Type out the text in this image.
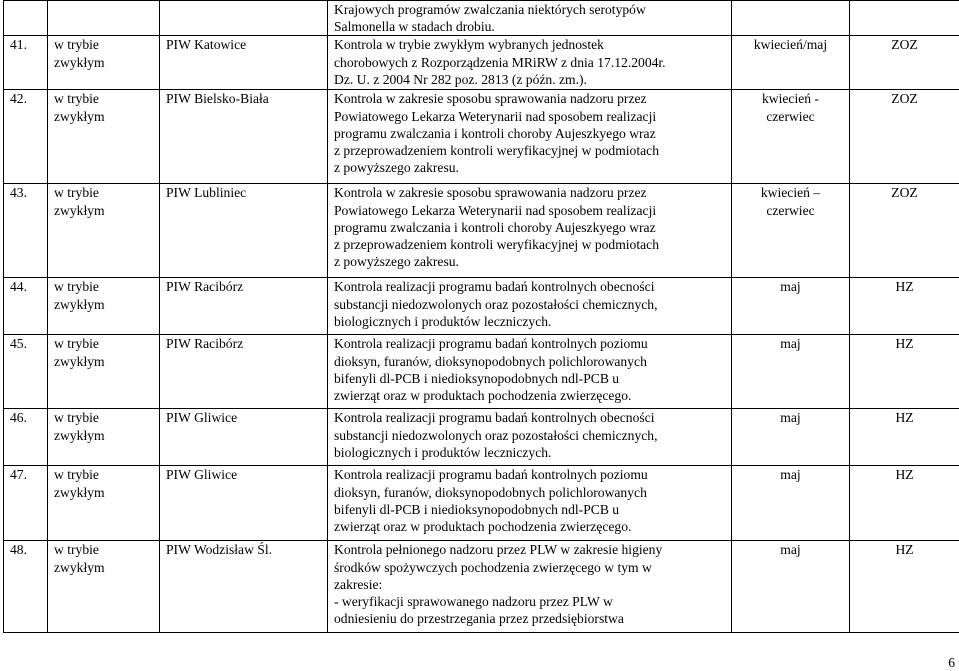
			Krajowych programów zwalczania niektórych serotypów
Salmonella w stadach drobiu.		
41.	w trybie
zwykłym	PIW Katowice	Kontrola w trybie zwykłym wybranych jednostek
chorobowych z Rozporządzenia MRiRW z dnia 17.12.2004r.
Dz. U. z 2004 Nr 282 poz. 2813 (z późn. zm.).	kwiecień/maj	ZOZ
42.	w trybie
zwykłym	PIW Bielsko-Biała	Kontrola w zakresie sposobu sprawowania nadzoru przez
Powiatowego Lekarza Weterynarii nad sposobem realizacji
programu zwalczania i kontroli choroby Aujeszkyego wraz
z przeprowadzeniem kontroli weryfikacyjnej w podmiotach
z powyższego zakresu.	kwiecień -
czerwiec	ZOZ
43.	w trybie
zwykłym	PIW Lubliniec	Kontrola w zakresie sposobu sprawowania nadzoru przez
Powiatowego Lekarza Weterynarii nad sposobem realizacji
programu zwalczania i kontroli choroby Aujeszkyego wraz
z przeprowadzeniem kontroli weryfikacyjnej w podmiotach
z powyższego zakresu.	kwiecień –
czerwiec	ZOZ
44.	w trybie
zwykłym	PIW Racibórz	Kontrola realizacji programu badań kontrolnych obecności
substancji niedozwolonych oraz pozostałości chemicznych,
biologicznych i produktów leczniczych.	maj	HZ
45.	w trybie
zwykłym	PIW Racibórz	Kontrola realizacji programu badań kontrolnych poziomu
dioksyn, furanów, dioksynopodobnych polichlorowanych
bifenyli dl-PCB i niedioksynopodobnych ndl-PCB u
zwierząt oraz w produktach pochodzenia zwierzęcego.	maj	HZ
46.	w trybie
zwykłym	PIW Gliwice	Kontrola realizacji programu badań kontrolnych obecności
substancji niedozwolonych oraz pozostałości chemicznych,
biologicznych i produktów leczniczych.	maj	HZ
47.	w trybie
zwykłym	PIW Gliwice	Kontrola realizacji programu badań kontrolnych poziomu
dioksyn, furanów, dioksynopodobnych polichlorowanych
bifenyli dl-PCB i niedioksynopodobnych ndl-PCB u
zwierząt oraz w produktach pochodzenia zwierzęcego.	maj	HZ
48.	w trybie
zwykłym	PIW Wodzisław Śl.	Kontrola pełnionego nadzoru przez PLW w zakresie higieny
środków spożywczych pochodzenia zwierzęcego w tym w
zakresie:
- weryfikacji sprawowanego nadzoru przez PLW w
odniesieniu do przestrzegania przez przedsiębiorstwa	maj	HZ
6
